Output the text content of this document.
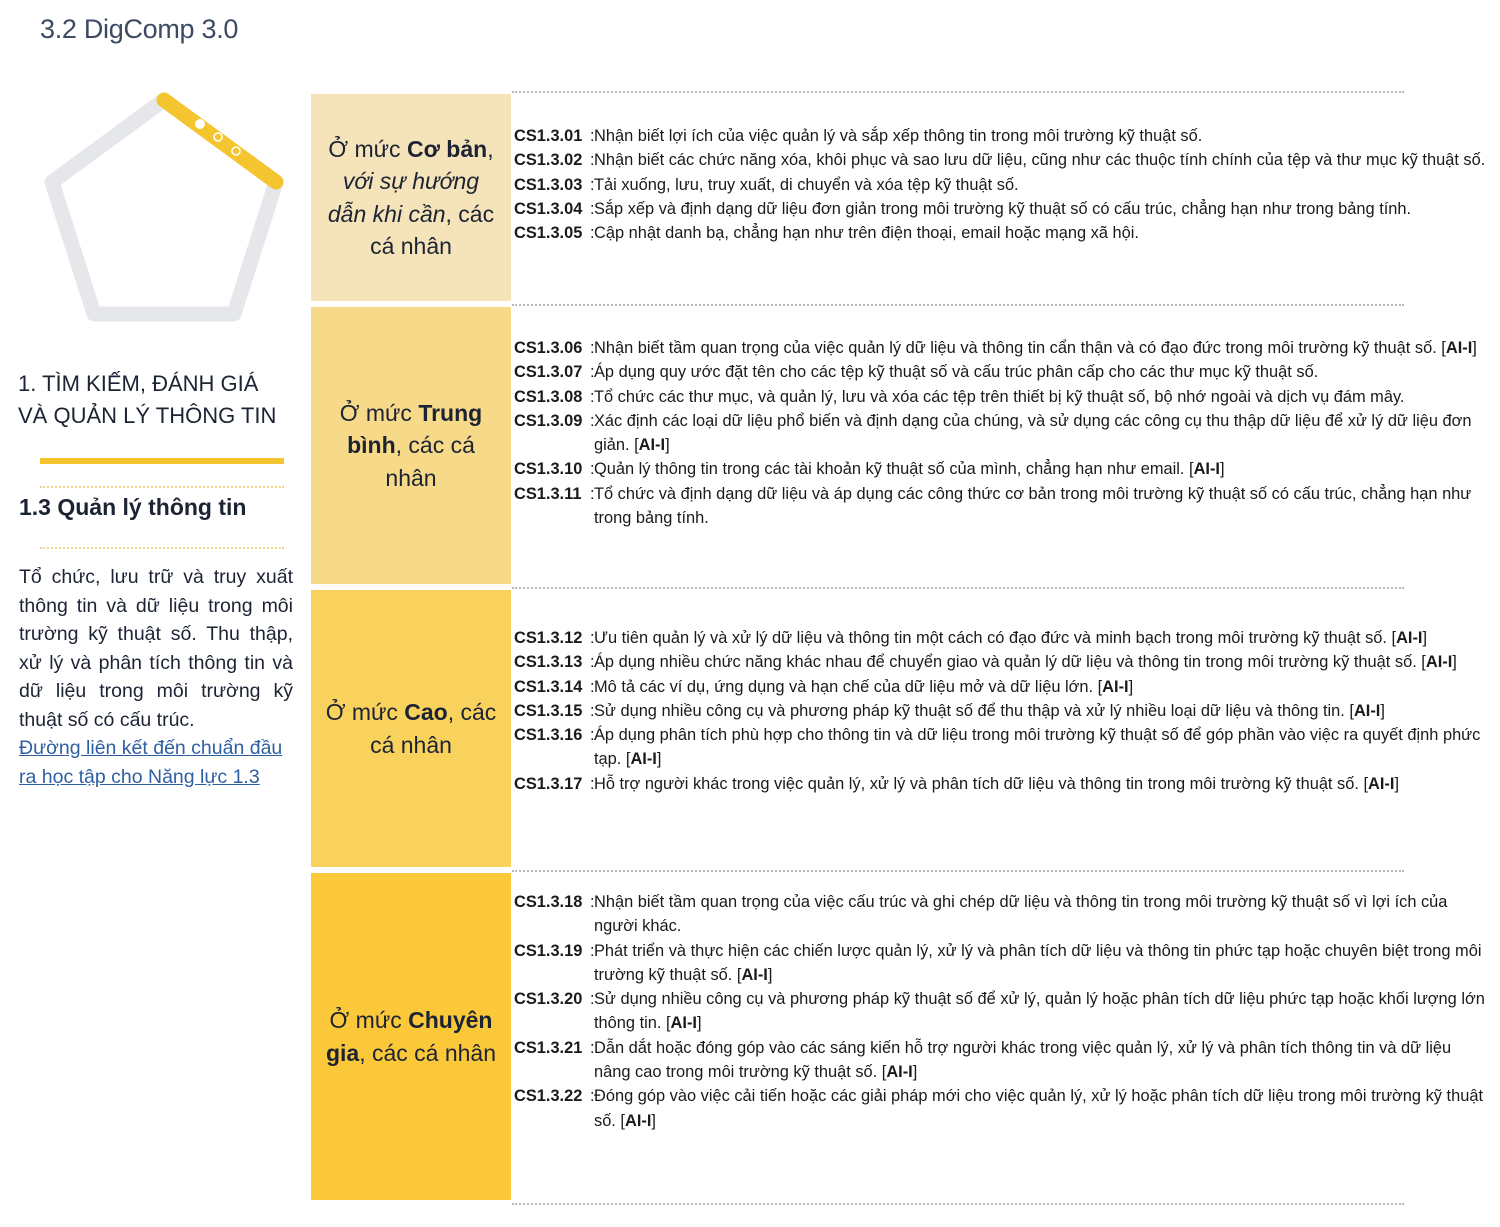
3.2 DigComp 3.0
1. TÌM KIẾM, ĐÁNH GIÁ VÀ QUẢN LÝ THÔNG TIN
1.3 Quản lý thông tin
Tổ chức, lưu trữ và truy xuất thông tin và dữ liệu trong môi trường kỹ thuật số. Thu thập, xử lý và phân tích thông tin và dữ liệu trong môi trường kỹ thuật số có cấu trúc.
Đường liên kết đến chuẩn đầu ra học tập cho Năng lực 1.3
Ở mức Cơ bản,
với sự hướng dẫn khi cần, các cá nhân
CS1.3.01 : Nhận biết lợi ích của việc quản lý và sắp xếp thông tin trong môi trường kỹ thuật số.
CS1.3.02 : Nhận biết các chức năng xóa, khôi phục và sao lưu dữ liệu, cũng như các thuộc tính chính của tệp và thư mục kỹ thuật số.
CS1.3.03 : Tải xuống, lưu, truy xuất, di chuyển và xóa tệp kỹ thuật số.
CS1.3.04 : Sắp xếp và định dạng dữ liệu đơn giản trong môi trường kỹ thuật số có cấu trúc, chẳng hạn như trong bảng tính.
CS1.3.05 : Cập nhật danh bạ, chẳng hạn như trên điện thoại, email hoặc mạng xã hội.
Ở mức Trung bình, các cá nhân
CS1.3.06 : Nhận biết tầm quan trọng của việc quản lý dữ liệu và thông tin cẩn thận và có đạo đức trong môi trường kỹ thuật số. [AI-I]
CS1.3.07 : Áp dụng quy ước đặt tên cho các tệp kỹ thuật số và cấu trúc phân cấp cho các thư mục kỹ thuật số.
CS1.3.08 : Tổ chức các thư mục, và quản lý, lưu và xóa các tệp trên thiết bị kỹ thuật số, bộ nhớ ngoài và dịch vụ đám mây.
CS1.3.09 : Xác định các loại dữ liệu phổ biến và định dạng của chúng, và sử dụng các công cụ thu thập dữ liệu để xử lý dữ liệu đơn giản. [AI-I]
CS1.3.10 : Quản lý thông tin trong các tài khoản kỹ thuật số của mình, chẳng hạn như email. [AI-I]
CS1.3.11 : Tổ chức và định dạng dữ liệu và áp dụng các công thức cơ bản trong môi trường kỹ thuật số có cấu trúc, chẳng hạn như trong bảng tính.
Ở mức Cao, các cá nhân
CS1.3.12 : Ưu tiên quản lý và xử lý dữ liệu và thông tin một cách có đạo đức và minh bạch trong môi trường kỹ thuật số. [AI-I]
CS1.3.13 : Áp dụng nhiều chức năng khác nhau để chuyển giao và quản lý dữ liệu và thông tin trong môi trường kỹ thuật số. [AI-I]
CS1.3.14 : Mô tả các ví dụ, ứng dụng và hạn chế của dữ liệu mở và dữ liệu lớn. [AI-I]
CS1.3.15 : Sử dụng nhiều công cụ và phương pháp kỹ thuật số để thu thập và xử lý nhiều loại dữ liệu và thông tin. [AI-I]
CS1.3.16 : Áp dụng phân tích phù hợp cho thông tin và dữ liệu trong môi trường kỹ thuật số để góp phần vào việc ra quyết định phức tạp. [AI-I]
CS1.3.17 : Hỗ trợ người khác trong việc quản lý, xử lý và phân tích dữ liệu và thông tin trong môi trường kỹ thuật số. [AI-I]
Ở mức Chuyên gia, các cá nhân
CS1.3.18 : Nhận biết tầm quan trọng của việc cấu trúc và ghi chép dữ liệu và thông tin trong môi trường kỹ thuật số vì lợi ích của người khác.
CS1.3.19 : Phát triển và thực hiện các chiến lược quản lý, xử lý và phân tích dữ liệu và thông tin phức tạp hoặc chuyên biệt trong môi trường kỹ thuật số. [AI-I]
CS1.3.20 : Sử dụng nhiều công cụ và phương pháp kỹ thuật số để xử lý, quản lý hoặc phân tích dữ liệu phức tạp hoặc khối lượng lớn thông tin. [AI-I]
CS1.3.21 : Dẫn dắt hoặc đóng góp vào các sáng kiến hỗ trợ người khác trong việc quản lý, xử lý và phân tích thông tin và dữ liệu nâng cao trong môi trường kỹ thuật số. [AI-I]
CS1.3.22 : Đóng góp vào việc cải tiến hoặc các giải pháp mới cho việc quản lý, xử lý hoặc phân tích dữ liệu trong môi trường kỹ thuật số. [AI-I]
